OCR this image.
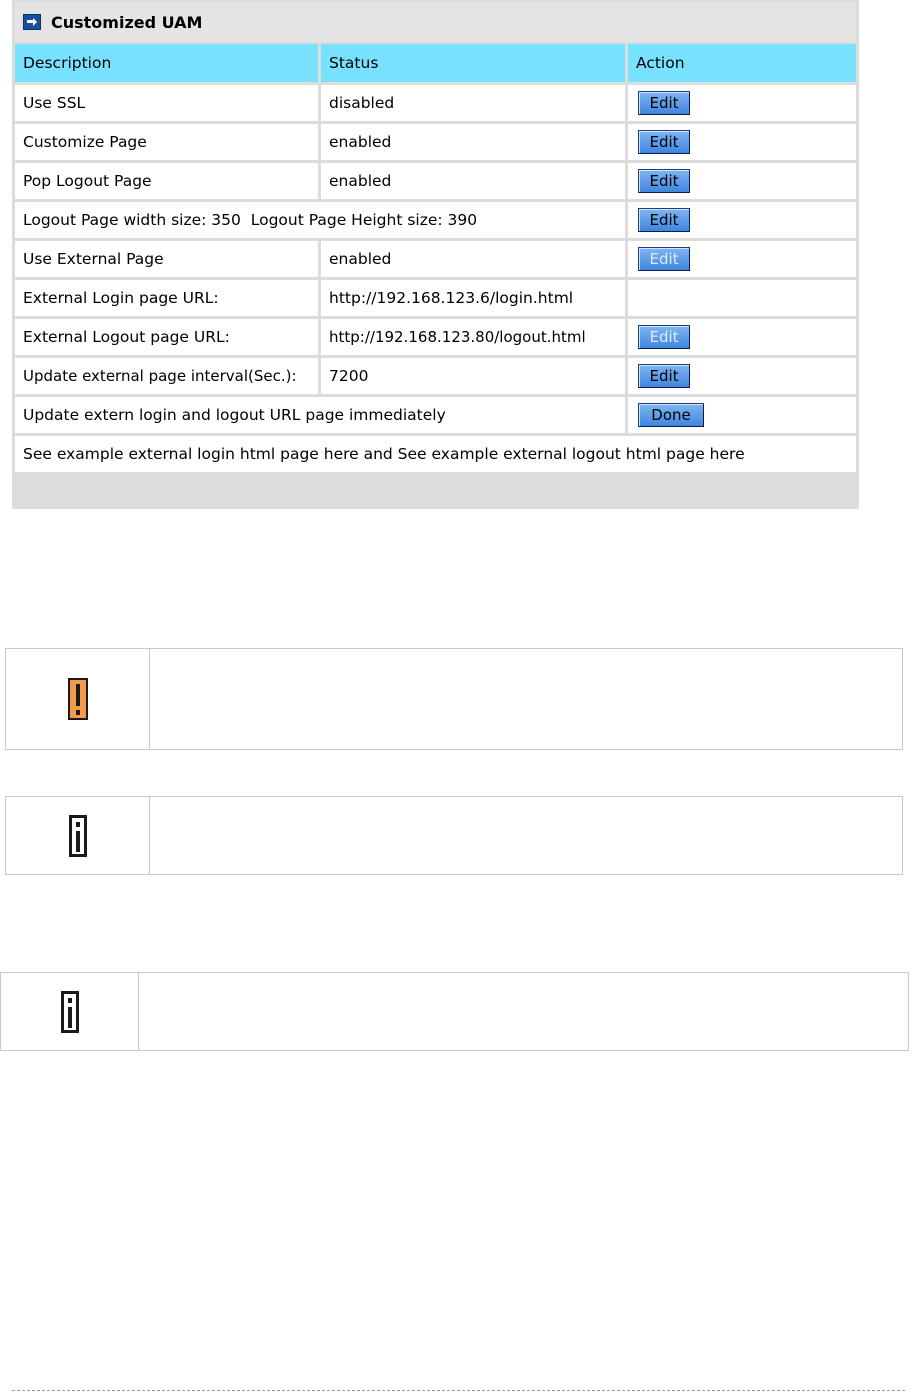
Customized UAM
Description	Status	Action
Use SSL	disabled	Edit
Customize Page	enabled	Edit
Pop Logout Page	enabled	Edit
Logout Page width size: 350  Logout Page Height size: 390		Edit
Use External Page	enabled	Edit
External Login page URL:	http://192.168.123.6/login.html	
External Logout page URL:	http://192.168.123.80/logout.html	Edit
Update external page interval(Sec.):	7200	Edit
Update extern login and logout URL page immediately		Done
See example external login html page here and See example external logout html page here		
